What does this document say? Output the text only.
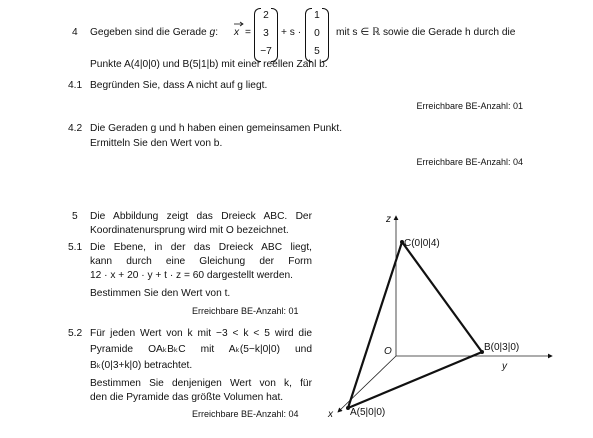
4 Gegeben sind die Gerade g: x =
2
3
−7
+ s ·
1
0
5
mit s ∈ ℝ sowie die Gerade h durch die
Punkte A(4|0|0) und B(5|1|b) mit einer reellen Zahl b.
4.1 Begründen Sie, dass A nicht auf g liegt.
Erreichbare BE-Anzahl: 01
4.2 Die Geraden g und h haben einen gemeinsamen Punkt.
Ermitteln Sie den Wert von b.
Erreichbare BE-Anzahl: 04
5 Die Abbildung zeigt das Dreieck ABC. Der
Koordinatenursprung wird mit O bezeichnet.
5.1 Die Ebene, in der das Dreieck ABC liegt,
kann durch eine Gleichung der Form
12 · x + 20 · y + t · z = 60 dargestellt werden.
Bestimmen Sie den Wert von t.
Erreichbare BE-Anzahl: 01
5.2 Für jeden Wert von k mit −3 < k < 5 wird die
Pyramide OAₖBₖC mit Aₖ(5−k|0|0) und
Bₖ(0|3+k|0) betrachtet.
Bestimmen Sie denjenigen Wert von k, für
den die Pyramide das größte Volumen hat.
Erreichbare BE-Anzahl: 04
z
y
x
O
C(0|0|4)
B(0|3|0)
A(5|0|0)
